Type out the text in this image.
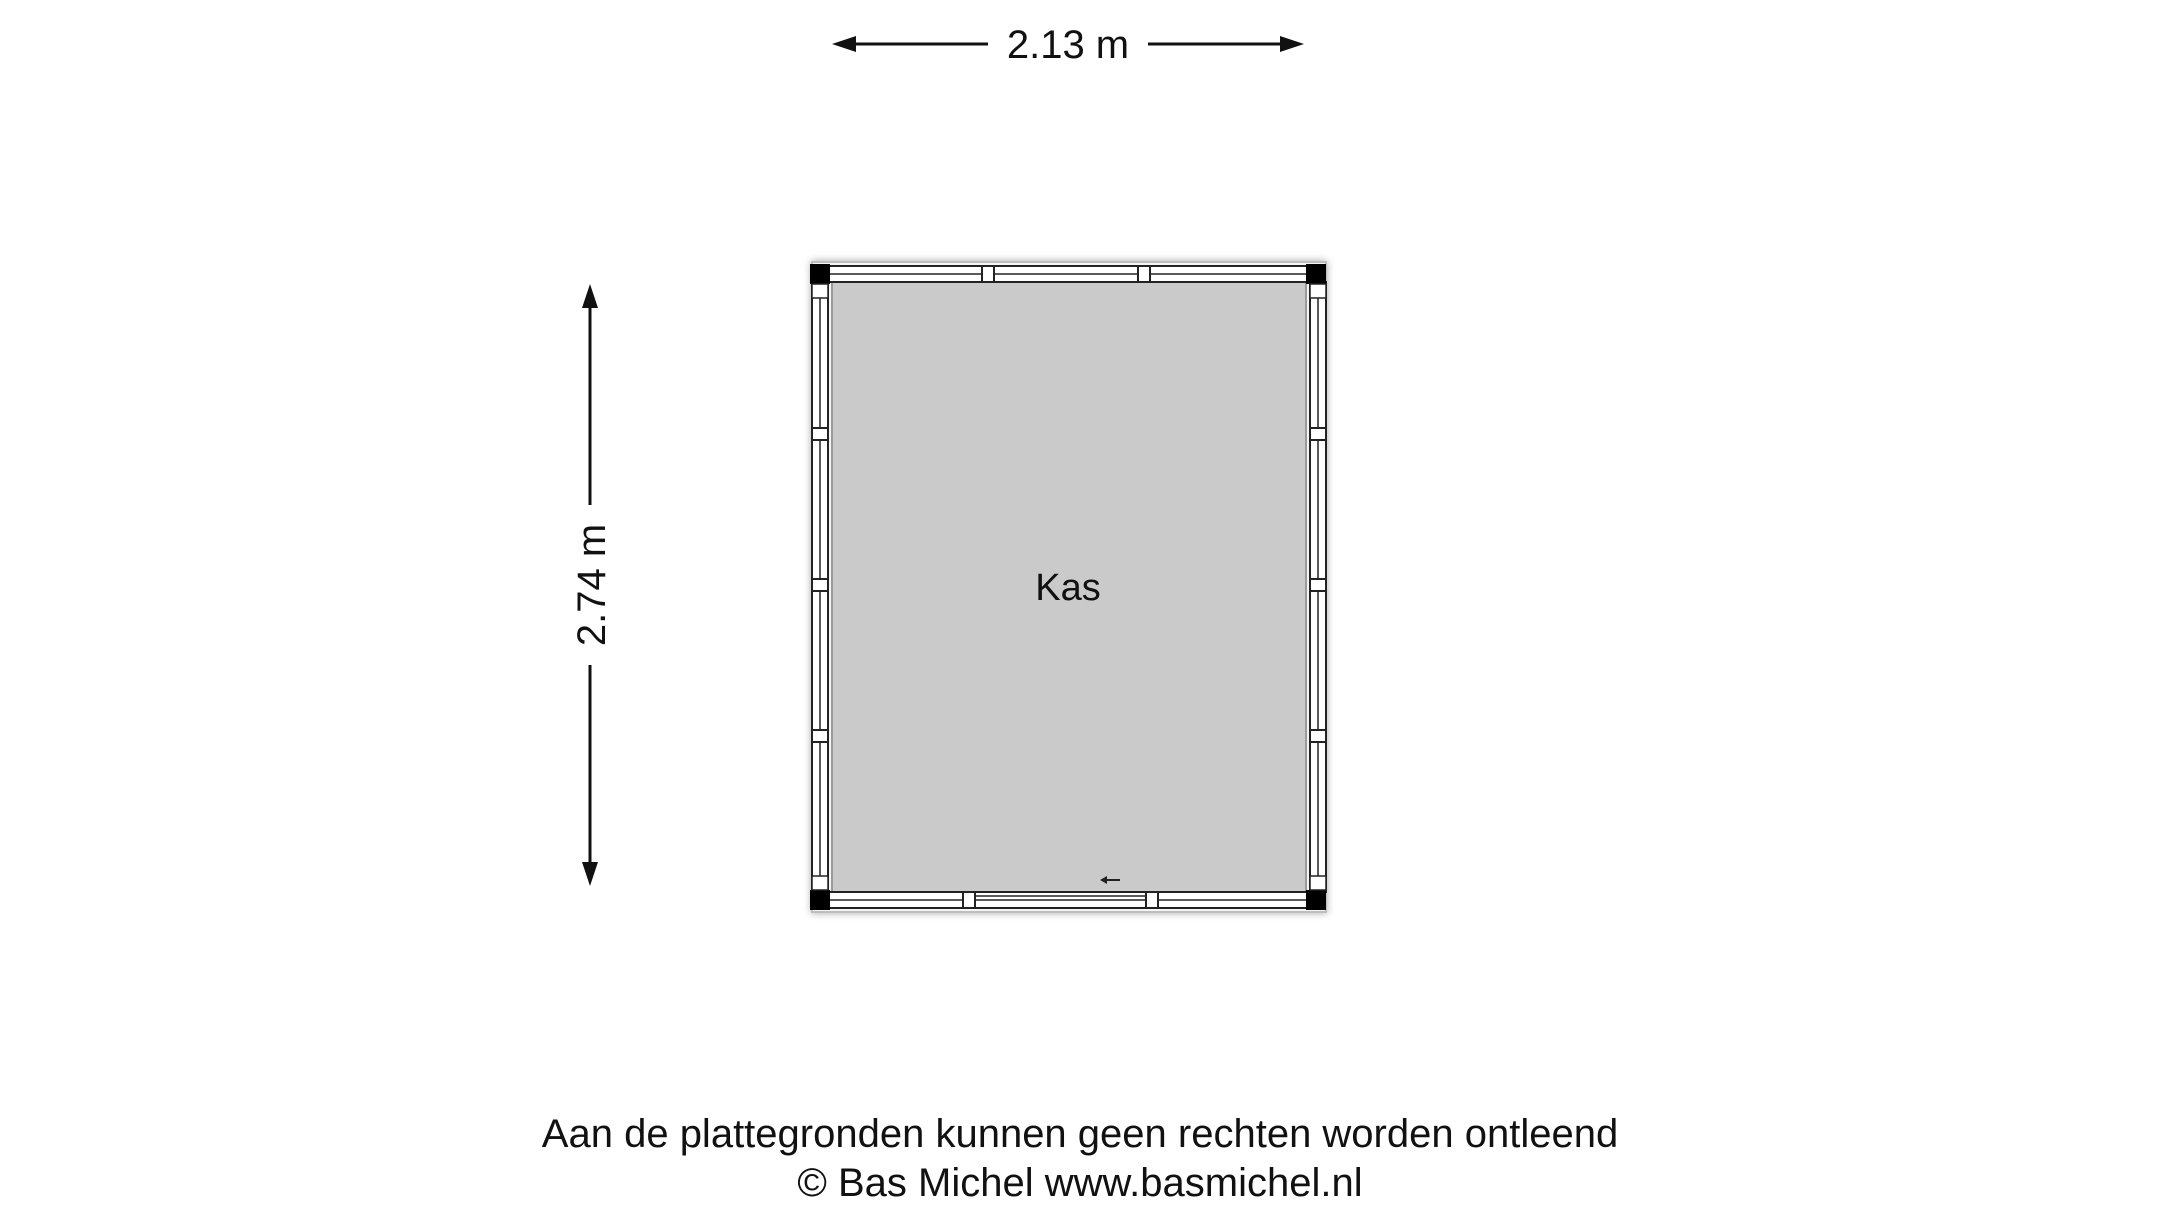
2.13 m
2.74 m	Kas
Aan de plattegronden kunnen geen rechten worden ontleend
© Bas Michel www.basmichel.nl
